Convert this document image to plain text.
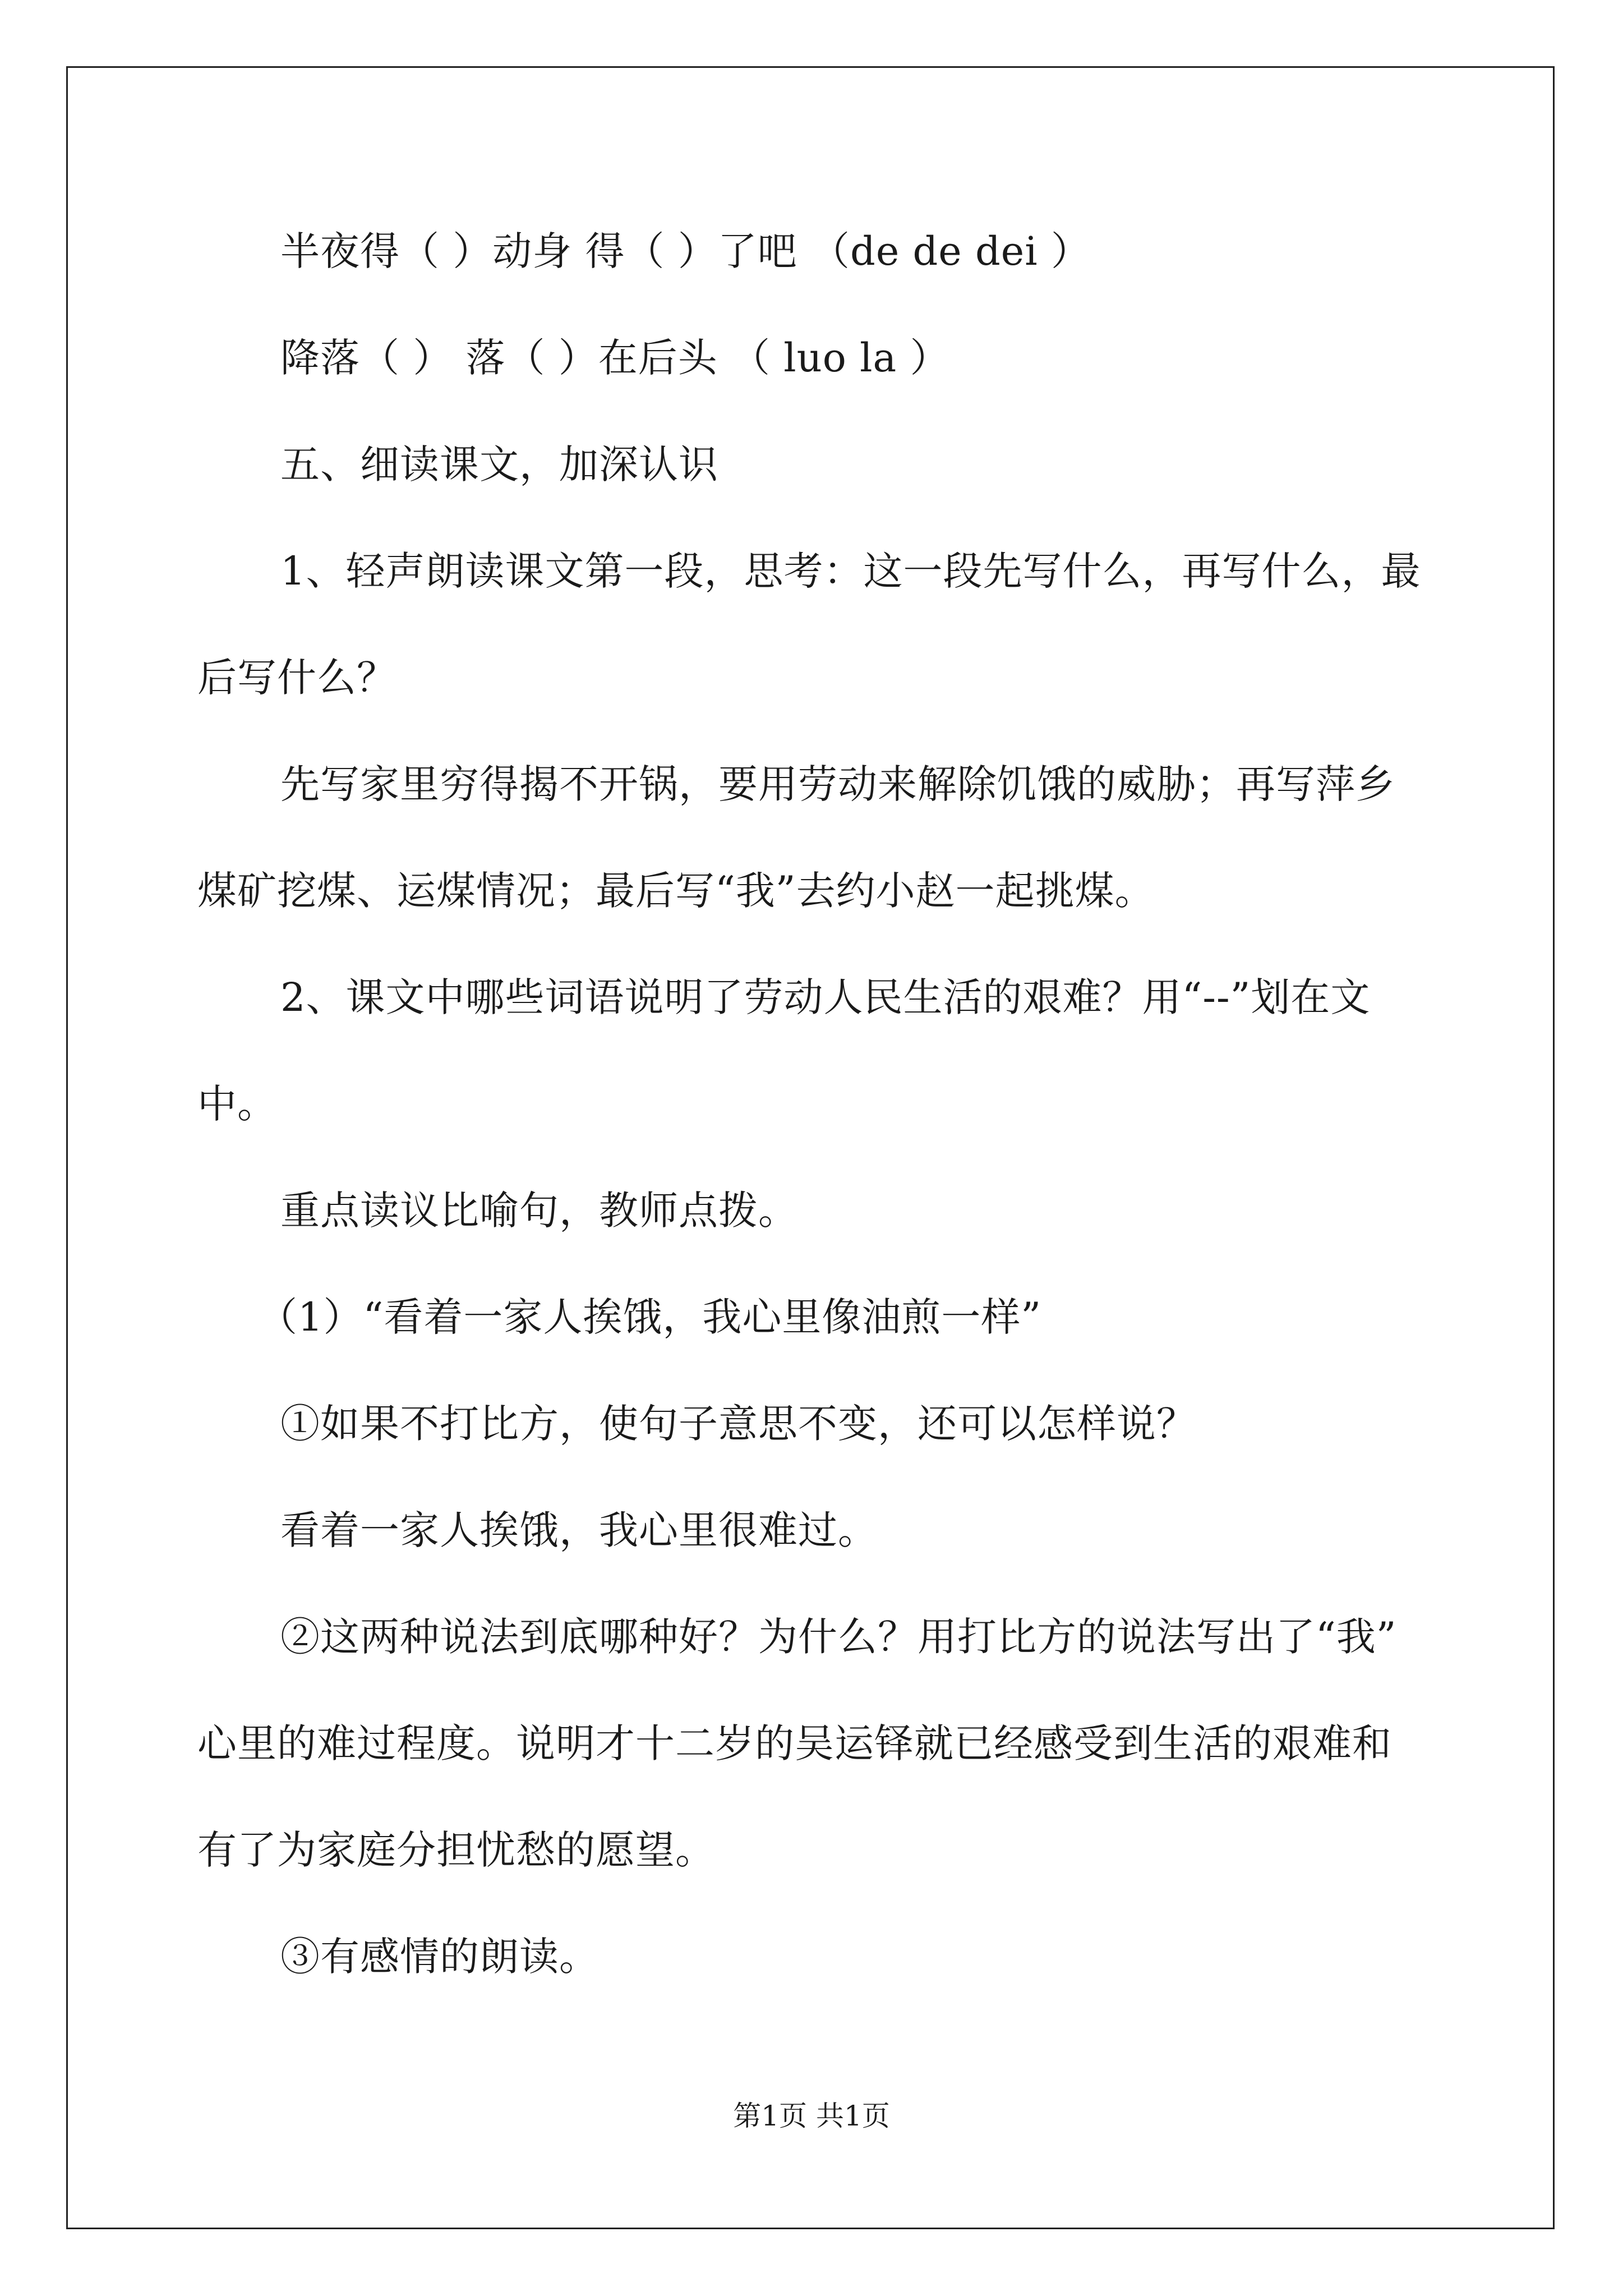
半夜得（ ）动身 得（ ）了吧 （de de dei ）
降落（ ） 落（ ）在后头 （ luo la ）
五、细读课文，加深认识
1、轻声朗读课文第一段，思考：这一段先写什么，再写什么，最
后写什么？
先写家里穷得揭不开锅，要用劳动来解除饥饿的威胁；再写萍乡
煤矿挖煤、运煤情况；最后写“我”去约小赵一起挑煤。
2、课文中哪些词语说明了劳动人民生活的艰难？用“--”划在文
中。
重点读议比喻句，教师点拨。
（1）“看着一家人挨饿，我心里像油煎一样”
①如果不打比方，使句子意思不变，还可以怎样说？
看着一家人挨饿，我心里很难过。
②这两种说法到底哪种好？为什么？用打比方的说法写出了“我”
心里的难过程度。说明才十二岁的吴运铎就已经感受到生活的艰难和
有了为家庭分担忧愁的愿望。
③有感情的朗读。
第1页 共1页
